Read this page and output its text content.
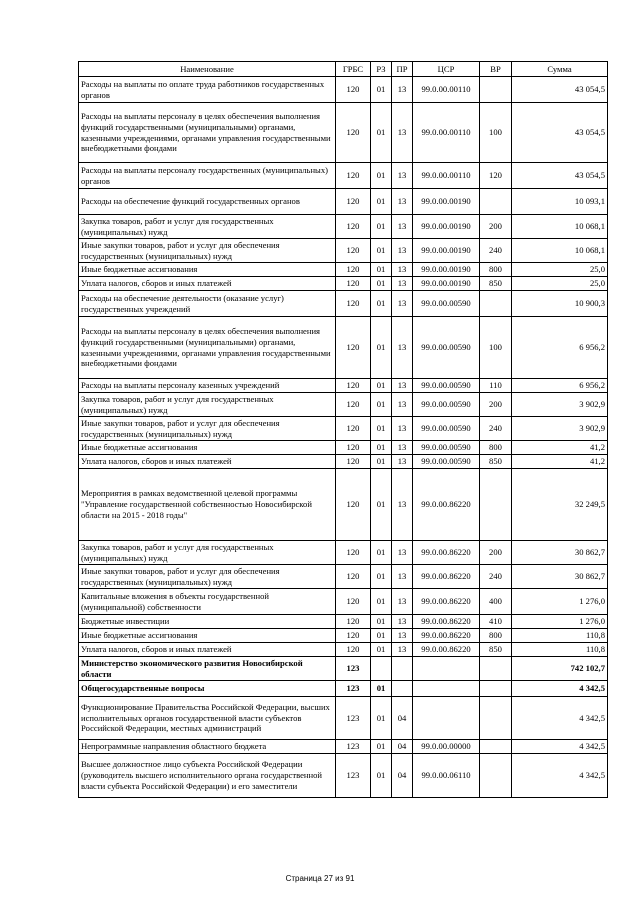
Наименование	ГРБС	РЗ	ПР	ЦСР	ВР	Сумма
Расходы на выплаты по оплате труда работников государственных органов	120	01	13	99.0.00.00110		43 054,5
Расходы на выплаты персоналу в целях обеспечения выполнения функций государственными (муниципальными) органами, казенными учреждениями, органами управления государственными внебюджетными фондами	120	01	13	99.0.00.00110	100	43 054,5
Расходы на выплаты персоналу государственных (муниципальных) органов	120	01	13	99.0.00.00110	120	43 054,5
Расходы на обеспечение функций государственных органов	120	01	13	99.0.00.00190		10 093,1
Закупка товаров, работ и услуг для государственных (муниципальных) нужд	120	01	13	99.0.00.00190	200	10 068,1
Иные закупки товаров, работ и услуг для обеспечения государственных (муниципальных) нужд	120	01	13	99.0.00.00190	240	10 068,1
Иные бюджетные ассигнования	120	01	13	99.0.00.00190	800	25,0
Уплата налогов, сборов и иных платежей	120	01	13	99.0.00.00190	850	25,0
Расходы на обеспечение деятельности (оказание услуг) государственных учреждений	120	01	13	99.0.00.00590		10 900,3
Расходы на выплаты персоналу в целях обеспечения выполнения функций государственными (муниципальными) органами, казенными учреждениями, органами управления государственными внебюджетными фондами	120	01	13	99.0.00.00590	100	6 956,2
Расходы на выплаты персоналу казенных учреждений	120	01	13	99.0.00.00590	110	6 956,2
Закупка товаров, работ и услуг для государственных (муниципальных) нужд	120	01	13	99.0.00.00590	200	3 902,9
Иные закупки товаров, работ и услуг для обеспечения государственных (муниципальных) нужд	120	01	13	99.0.00.00590	240	3 902,9
Иные бюджетные ассигнования	120	01	13	99.0.00.00590	800	41,2
Уплата налогов, сборов и иных платежей	120	01	13	99.0.00.00590	850	41,2
Мероприятия в рамках ведомственной целевой программы "Управление государственной собственностью Новосибирской области на 2015 - 2018 годы"	120	01	13	99.0.00.86220		32 249,5
Закупка товаров, работ и услуг для государственных (муниципальных) нужд	120	01	13	99.0.00.86220	200	30 862,7
Иные закупки товаров, работ и услуг для обеспечения государственных (муниципальных) нужд	120	01	13	99.0.00.86220	240	30 862,7
Капитальные вложения в объекты государственной (муниципальной) собственности	120	01	13	99.0.00.86220	400	1 276,0
Бюджетные инвестиции	120	01	13	99.0.00.86220	410	1 276,0
Иные бюджетные ассигнования	120	01	13	99.0.00.86220	800	110,8
Уплата налогов, сборов и иных платежей	120	01	13	99.0.00.86220	850	110,8
Министерство экономического развития Новосибирской области	123					742 102,7
Общегосударственные вопросы	123	01				4 342,5
Функционирование Правительства Российской Федерации, высших исполнительных органов государственной власти субъектов Российской Федерации, местных администраций	123	01	04			4 342,5
Непрограммные направления областного бюджета	123	01	04	99.0.00.00000		4 342,5
Высшее должностное лицо субъекта Российской Федерации (руководитель высшего исполнительного органа государственной власти субъекта Российской Федерации) и его заместители	123	01	04	99.0.00.06110		4 342,5
Страница 27 из 91
